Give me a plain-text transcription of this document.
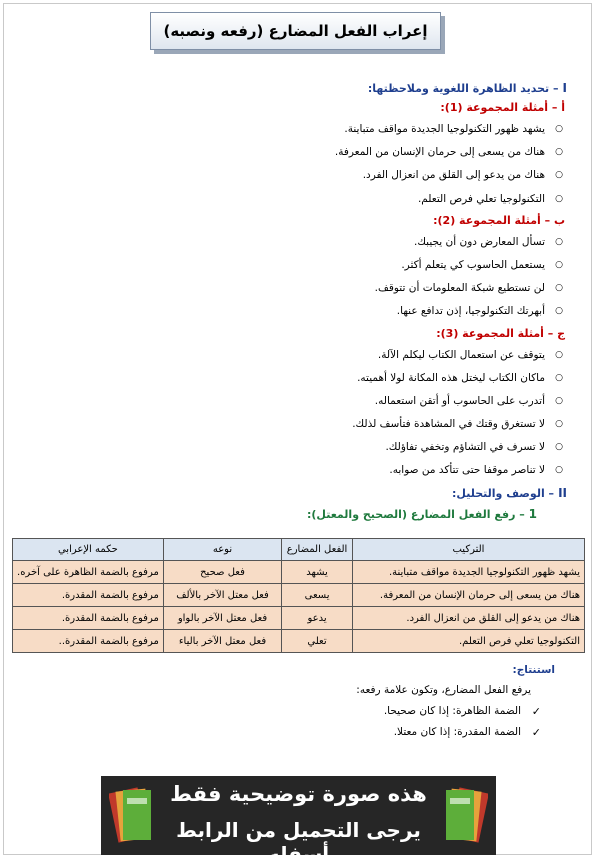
إعراب الفعل المضارع (رفعه ونصبه)
I– تحديد الظاهرة اللغوية وملاحظتها:
أ – أمثلة المجموعة (1):
○
يشهد ظهور التكنولوجيا الجديدة مواقف متباينة.
○
هناك من يسعى إلى حرمان الإنسان من المعرفة.
○
هناك من يدعو إلى القلق من انعزال الفرد.
○
التكنولوجيا تعلي فرص التعلم.
ب – أمثلة المجموعة (2):
○
تسأل المعارض دون أن يجيبك.
○
يستعمل الحاسوب كي يتعلم أكثر.
○
لن تستطيع شبكة المعلومات أن تتوقف.
○
أبهرتك التكنولوجيا، إذن تدافع عنها.
ج – أمثلة المجموعة (3):
○
يتوقف عن استعمال الكتاب ليكلم الآلة.
○
ماكان الكتاب ليختل هذه المكانة لولا أهميته.
○
أتدرب على الحاسوب أو أتقن استعماله.
○
لا تستغرق وقتك في المشاهدة فتأسف لذلك.
○
لا تسرف في التشاؤم وتخفي تفاؤلك.
○
لا تناصر موقفا حتى تتأكد من صوابه.
II– الوصف والتحليل:
1 – رفع الفعل المضارع (الصحيح والمعتل):
التركيب	الفعل المضارع	نوعه	حكمه الإعرابي
يشهد ظهور التكنولوجيا الجديدة مواقف متباينة.	يشهد	فعل صحيح	مرفوع بالضمة الظاهرة على آخره.
هناك من يسعى إلى حرمان الإنسان من المعرفة.	يسعى	فعل معتل الآخر بالألف	مرفوع بالضمة المقدرة.
هناك من يدعو إلى القلق من انعزال الفرد.	يدعو	فعل معتل الآخر بالواو	مرفوع بالضمة المقدرة.
التكنولوجيا تعلي فرص التعلم.	تعلي	فعل معتل الآخر بالياء	مرفوع بالضمة المقدرة..
استنتاج:
يرفع الفعل المضارع، وتكون علامة رفعه:
✓
الضمة الظاهرة: إذا كان صحيحا.
✓
الضمة المقدرة: إذا كان معتلا.
هذه صورة توضيحية فقط
يرجى التحميل من الرابط أسفله
